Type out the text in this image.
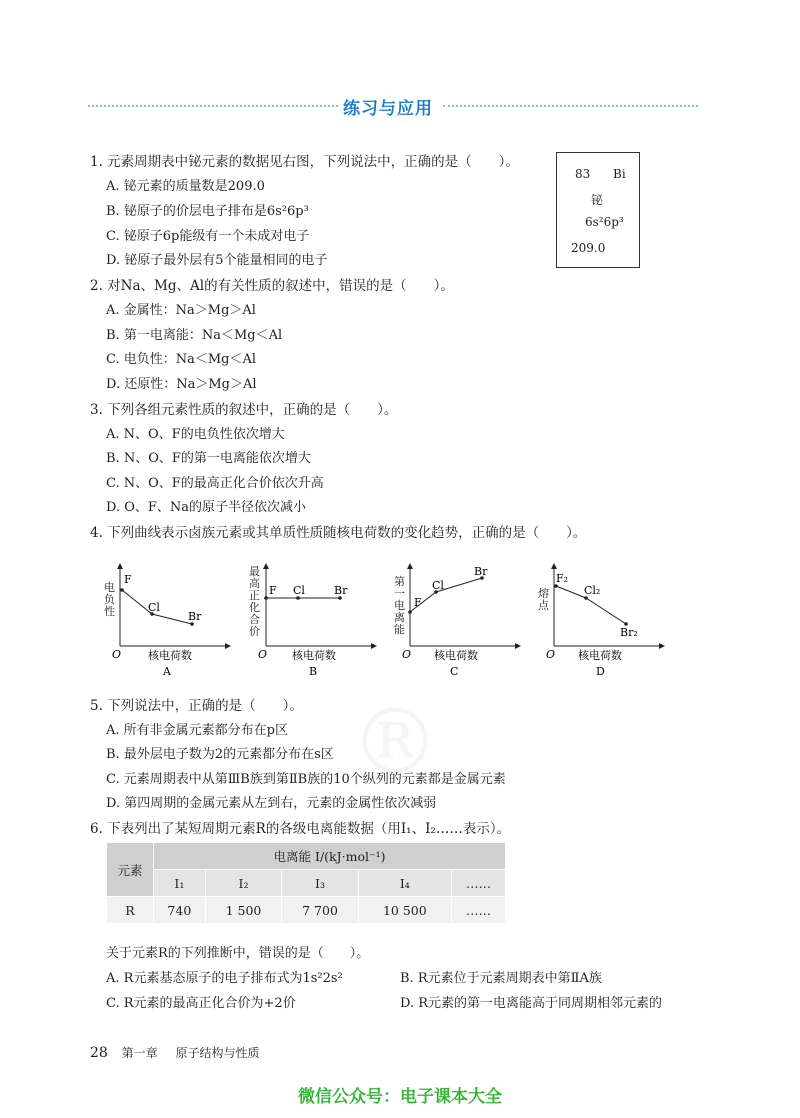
®
练习与应用
1. 元素周期表中铋元素的数据见右图，下列说法中，正确的是（　　）。
A. 铋元素的质量数是209.0
B. 铋原子的价层电子排布是6s²6p³
C. 铋原子6p能级有一个未成对电子
D. 铋原子最外层有5个能量相同的电子
83 Bi
铋
6s²6p³
209.0
2. 对Na、Mg、Al的有关性质的叙述中，错误的是（　　）。
A. 金属性：Na＞Mg＞Al
B. 第一电离能：Na＜Mg＜Al
C. 电负性：Na＜Mg＜Al
D. 还原性：Na＞Mg＞Al
3. 下列各组元素性质的叙述中，正确的是（　　）。
A. N、O、F的电负性依次增大
B. N、O、F的第一电离能依次增大
C. N、O、F的最高正化合价依次升高
D. O、F、Na的原子半径依次减小
4. 下列曲线表示卤族元素或其单质性质随核电荷数的变化趋势，正确的是（　　）。
F
Cl
Br
O 核电荷数
A
电负性
F Cl	Br
O 核电荷数
B
最高正化合价
F
Cl
Br
O 核电荷数
C
第一电离能
F₂
Cl₂
Br₂
O 核电荷数
D
熔点
5. 下列说法中，正确的是（　　）。
A. 所有非金属元素都分布在p区
B. 最外层电子数为2的元素都分布在s区
C. 元素周期表中从第ⅢB族到第ⅡB族的10个纵列的元素都是金属元素
D. 第四周期的金属元素从左到右，元素的金属性依次减弱
6. 下表列出了某短周期元素R的各级电离能数据（用I₁、I₂……表示）。
元素	电离能 I/(kJ·mol⁻¹)				
	I₁	I₂	I₃	I₄	……
R	740	1 500	7 700	10 500	……
关于元素R的下列推断中，错误的是（　　）。
A. R元素基态原子的电子排布式为1s²2s²	B. R元素位于元素周期表中第ⅡA族
C. R元素的最高正化合价为+2价	D. R元素的第一电离能高于同周期相邻元素的
28 第一章 原子结构与性质
微信公众号：电子课本大全
